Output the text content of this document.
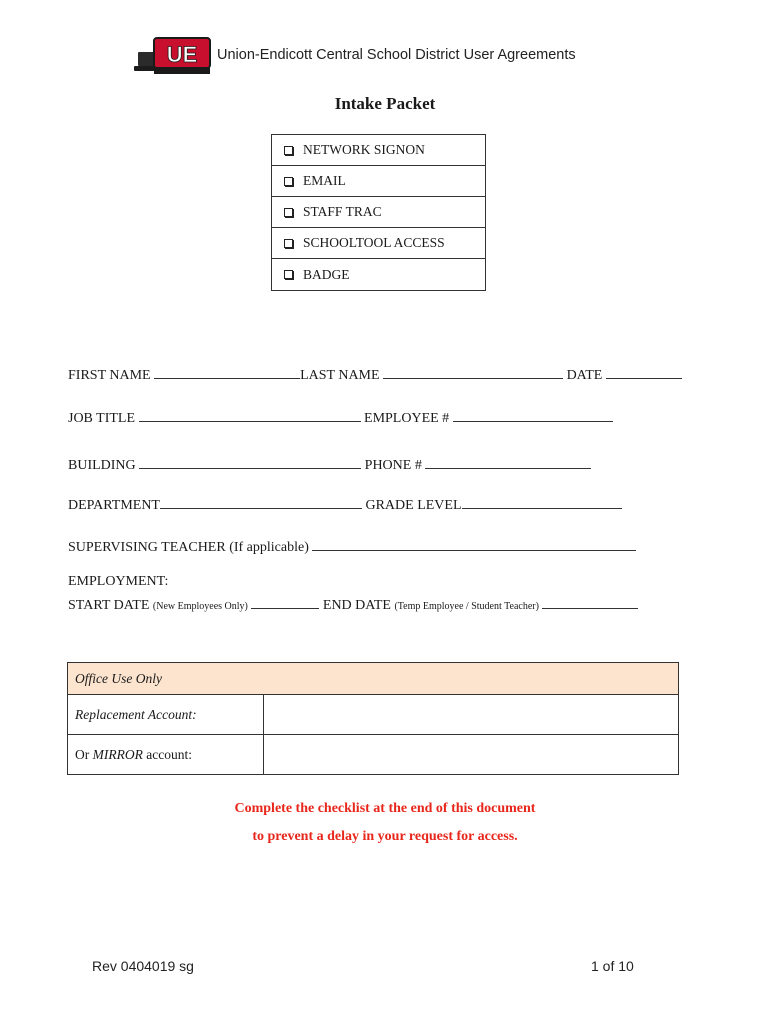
UE Union-Endicott Central School District User Agreements
Intake Packet
NETWORK SIGNON
EMAIL
STAFF TRAC
SCHOOLTOOL ACCESS
BADGE
FIRST NAME	LAST NAME	DATE
JOB TITLE	EMPLOYEE #
BUILDING	PHONE #
DEPARTMENT	GRADE LEVEL
SUPERVISING TEACHER (If applicable)
EMPLOYMENT:
START DATE (New Employees Only)	END DATE (Temp Employee / Student Teacher)
Office Use Only	
Replacement Account:	
Or MIRROR account:	
Complete the checklist at the end of this document
to prevent a delay in your request for access.
Rev 0404019 sg	1 of 10
